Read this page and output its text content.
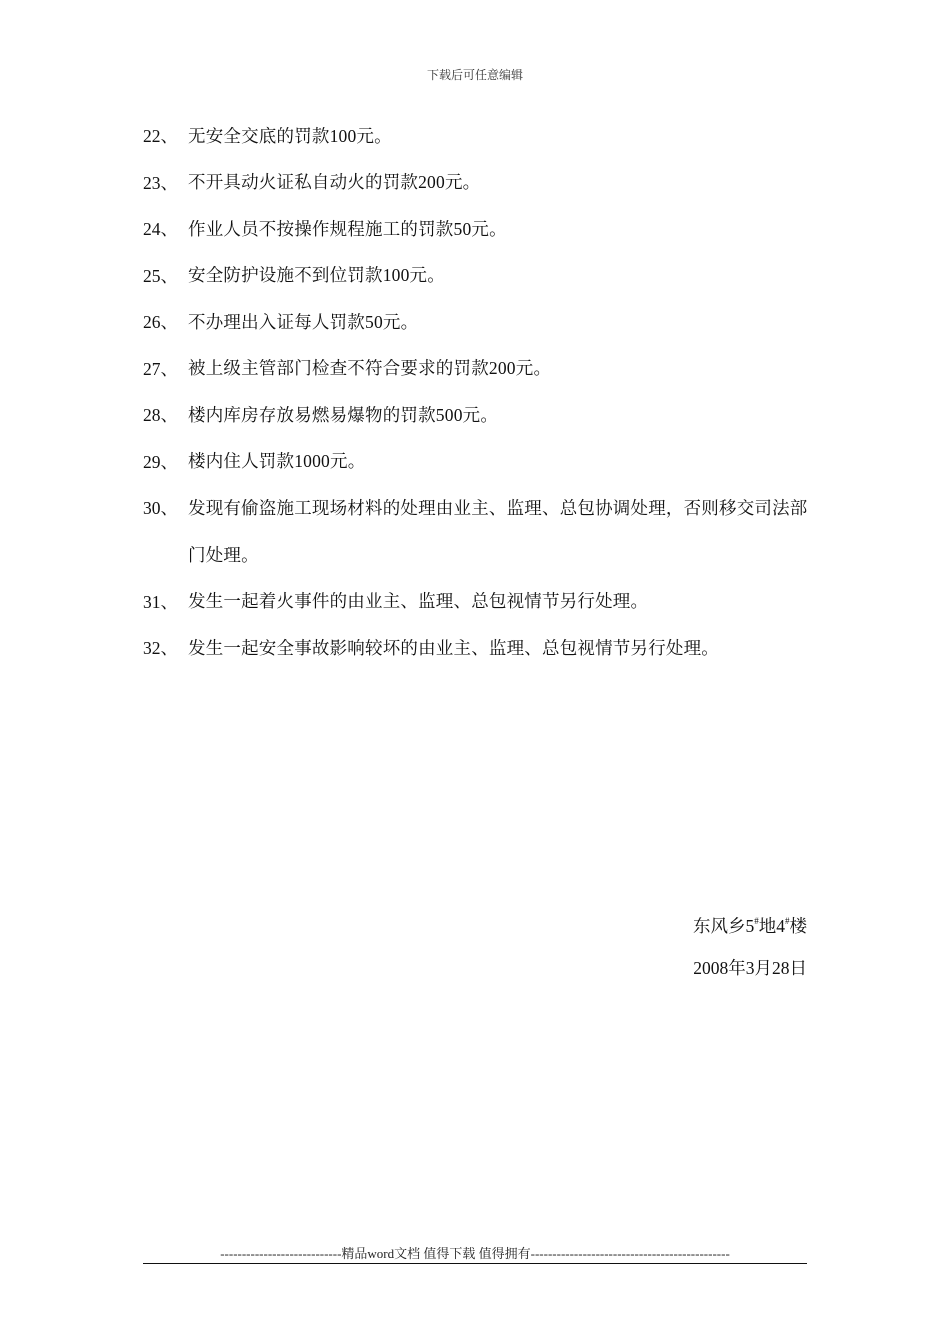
下载后可任意编辑
22、 无安全交底的罚款100元。
23、 不开具动火证私自动火的罚款200元。
24、 作业人员不按操作规程施工的罚款50元。
25、 安全防护设施不到位罚款100元。
26、 不办理出入证每人罚款50元。
27、 被上级主管部门检查不符合要求的罚款200元。
28、 楼内库房存放易燃易爆物的罚款500元。
29、 楼内住人罚款1000元。
30、 发现有偷盗施工现场材料的处理由业主、监理、总包协调处理，否则移交司法部门处理。
31、 发生一起着火事件的由业主、监理、总包视情节另行处理。
32、 发生一起安全事故影响较坏的由业主、监理、总包视情节另行处理。
东风乡5#地4#楼
2008年3月28日
----------------------------精品word文档 值得下载 值得拥有----------------------------------------------
